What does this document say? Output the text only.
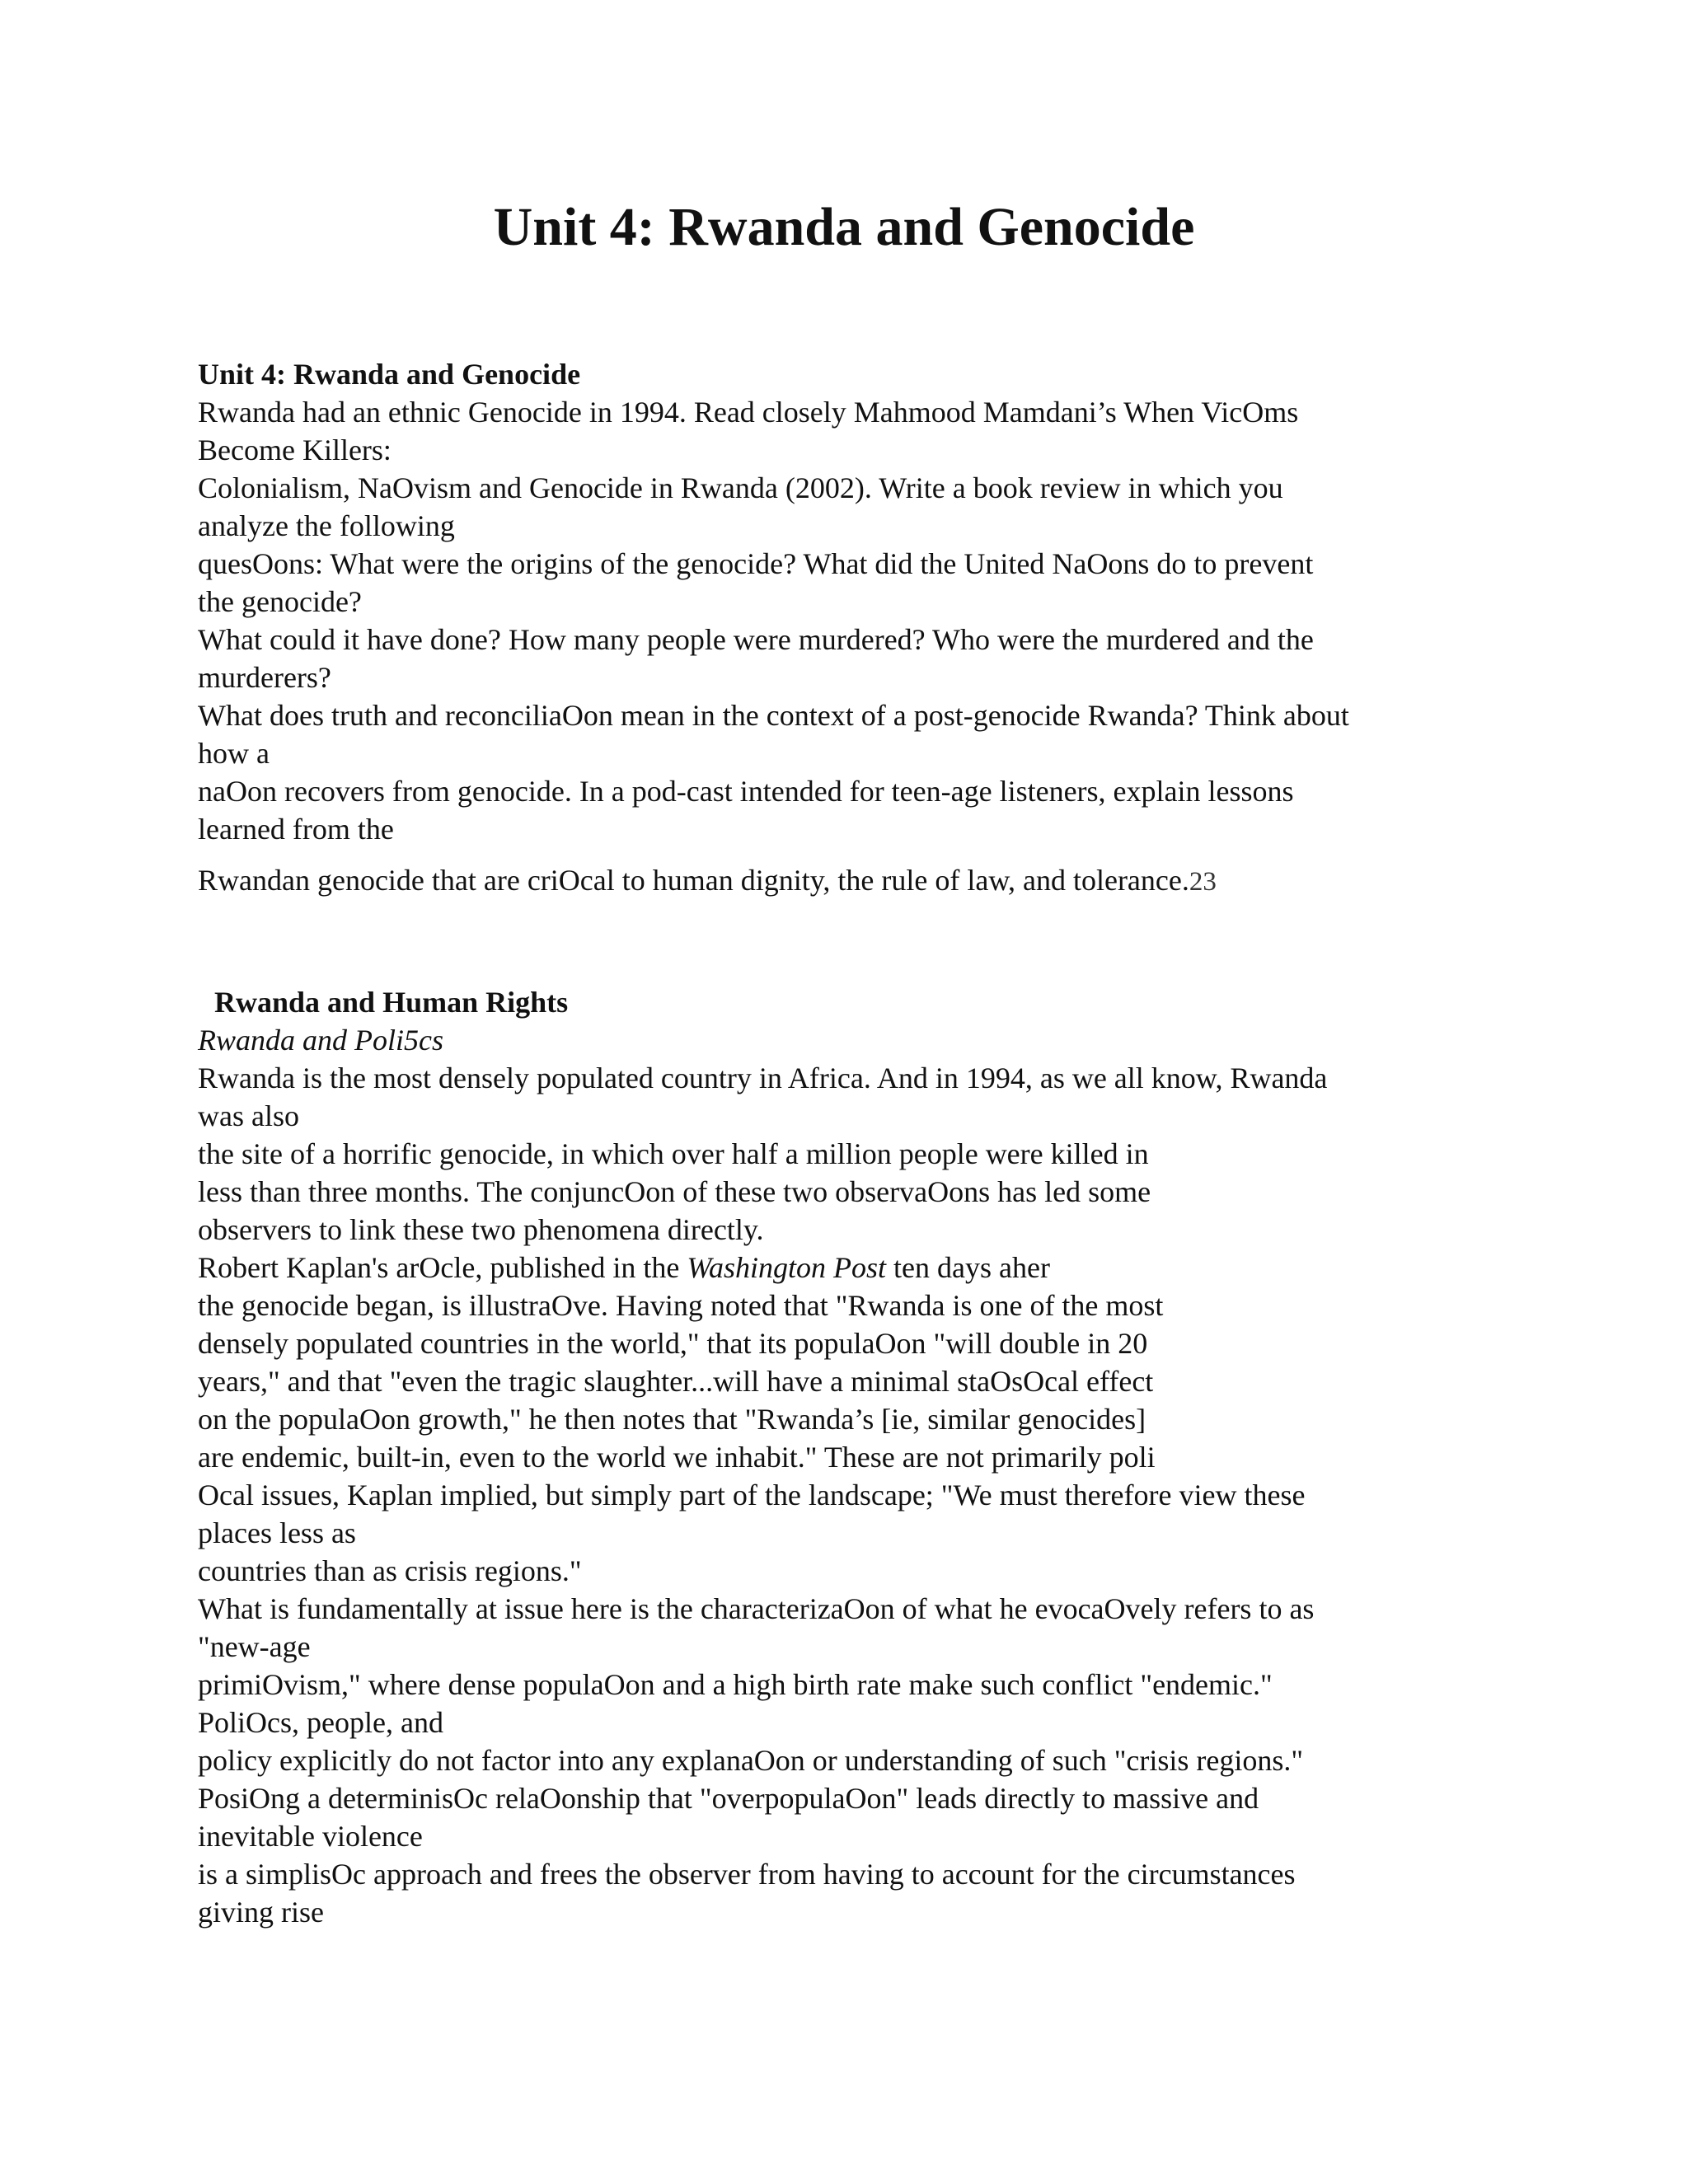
Unit 4: Rwanda and Genocide

Unit 4: Rwanda and Genocide

Rwanda had an ethnic Genocide in 1994. Read closely Mahmood Mamdani’s When VicOms

Become Killers:

Colonialism, NaOvism and Genocide in Rwanda (2002). Write a book review in which you

analyze the following

quesOons: What were the origins of the genocide? What did the United NaOons do to prevent

the genocide?

What could it have done? How many people were murdered? Who were the murdered and the

murderers?

What does truth and reconciliaOon mean in the context of a post-genocide Rwanda? Think about

how a

naOon recovers from genocide. In a pod-cast intended for teen-age listeners, explain lessons

learned from the

Rwandan genocide that are criOcal to human dignity, the rule of law, and tolerance.23

Rwanda and Human Rights

Rwanda and Poli5cs

Rwanda is the most densely populated country in Africa. And in 1994, as we all know, Rwanda

was also

the site of a horrific genocide, in which over half a million people were killed in

less than three months. The conjuncOon of these two observaOons has led some

observers to link these two phenomena directly.

Robert Kaplan's arOcle, published in the Washington Post ten days aher

the genocide began, is illustraOve. Having noted that "Rwanda is one of the most

densely populated countries in the world," that its populaOon "will double in 20

years," and that "even the tragic slaughter...will have a minimal staOsOcal effect

on the populaOon growth," he then notes that "Rwanda’s [ie, similar genocides]

are endemic, built-in, even to the world we inhabit." These are not primarily poli

Ocal issues, Kaplan implied, but simply part of the landscape; "We must therefore view these

places less as

countries than as crisis regions."

What is fundamentally at issue here is the characterizaOon of what he evocaOvely refers to as

"new-age

primiOvism," where dense populaOon and a high birth rate make such conflict "endemic."

PoliOcs, people, and

policy explicitly do not factor into any explanaOon or understanding of such "crisis regions."

PosiOng a determinisOc relaOonship that "overpopulaOon" leads directly to massive and

inevitable violence

is a simplisOc approach and frees the observer from having to account for the circumstances

giving rise
